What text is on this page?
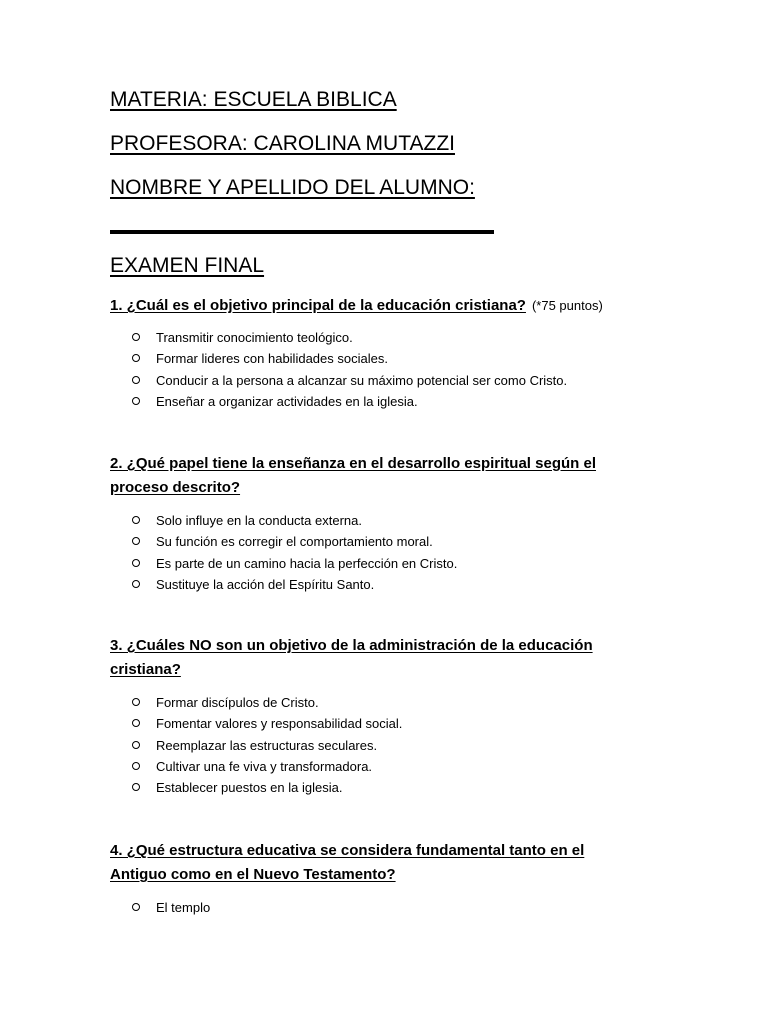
MATERIA: ESCUELA BIBLICA
PROFESORA: CAROLINA MUTAZZI
NOMBRE Y APELLIDO DEL ALUMNO:
EXAMEN FINAL
1. ¿Cuál es el objetivo principal de la educación cristiana? (*75 puntos)
Transmitir conocimiento teológico.
Formar lideres con habilidades sociales.
Conducir a la persona a alcanzar su máximo potencial ser como Cristo.
Enseñar a organizar actividades en la iglesia.
2. ¿Qué papel tiene la enseñanza en el desarrollo espiritual según el proceso descrito?
Solo influye en la conducta externa.
Su función es corregir el comportamiento moral.
Es parte de un camino hacia la perfección en Cristo.
Sustituye la acción del Espíritu Santo.
3. ¿Cuáles NO son un objetivo de la administración de la educación cristiana?
Formar discípulos de Cristo.
Fomentar valores y responsabilidad social.
Reemplazar las estructuras seculares.
Cultivar una fe viva y transformadora.
Establecer puestos en la iglesia.
4. ¿Qué estructura educativa se considera fundamental tanto en el Antiguo como en el Nuevo Testamento?
El templo
